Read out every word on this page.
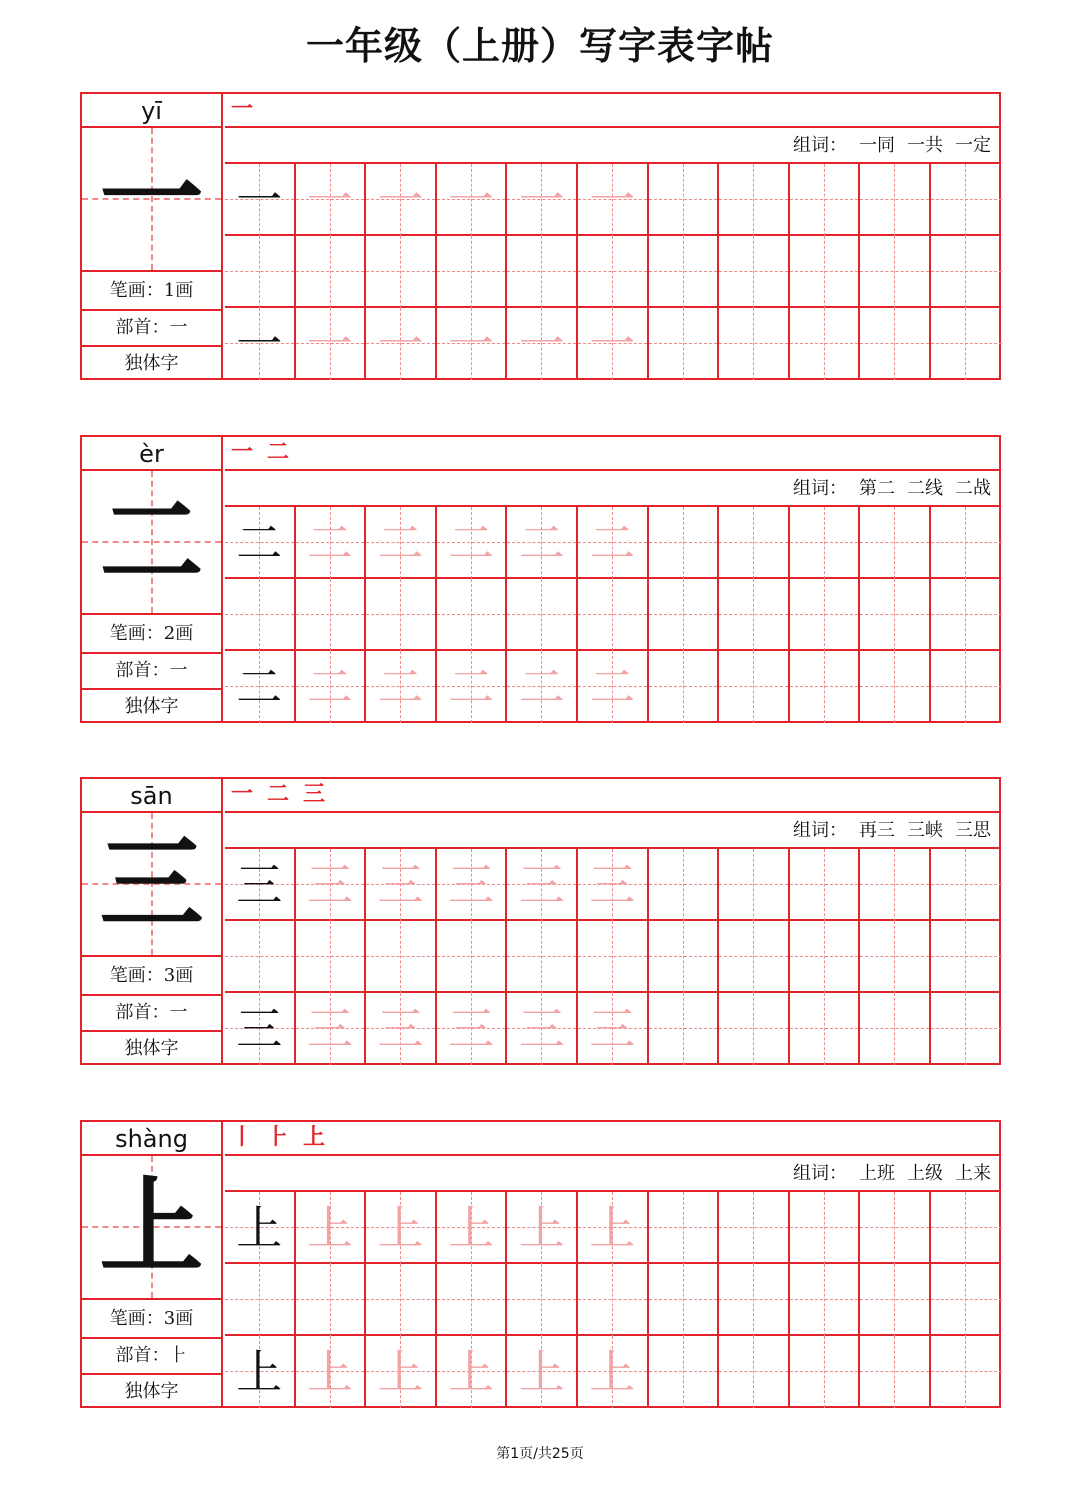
一年级（上册）写字表字帖
yī
一
笔画：1画
部首：一
独体字
一
组词： 一同 一共 一定
一 一 一 一 一 一
一 一 一 一 一 一
èr
二
笔画：2画
部首：一
独体字
一 二
组词： 第二 二线 二战
二 二 二 二 二 二
二 二 二 二 二 二
sān
三
笔画：3画
部首：一
独体字
一 二 三
组词： 再三 三峡 三思
三 三 三 三 三 三
三 三 三 三 三 三
shàng
上
笔画：3画
部首：⺊
独体字
丨 ⺊ 上
组词： 上班 上级 上来
上 上 上 上 上 上
上 上 上 上 上 上
第1页/共25页
